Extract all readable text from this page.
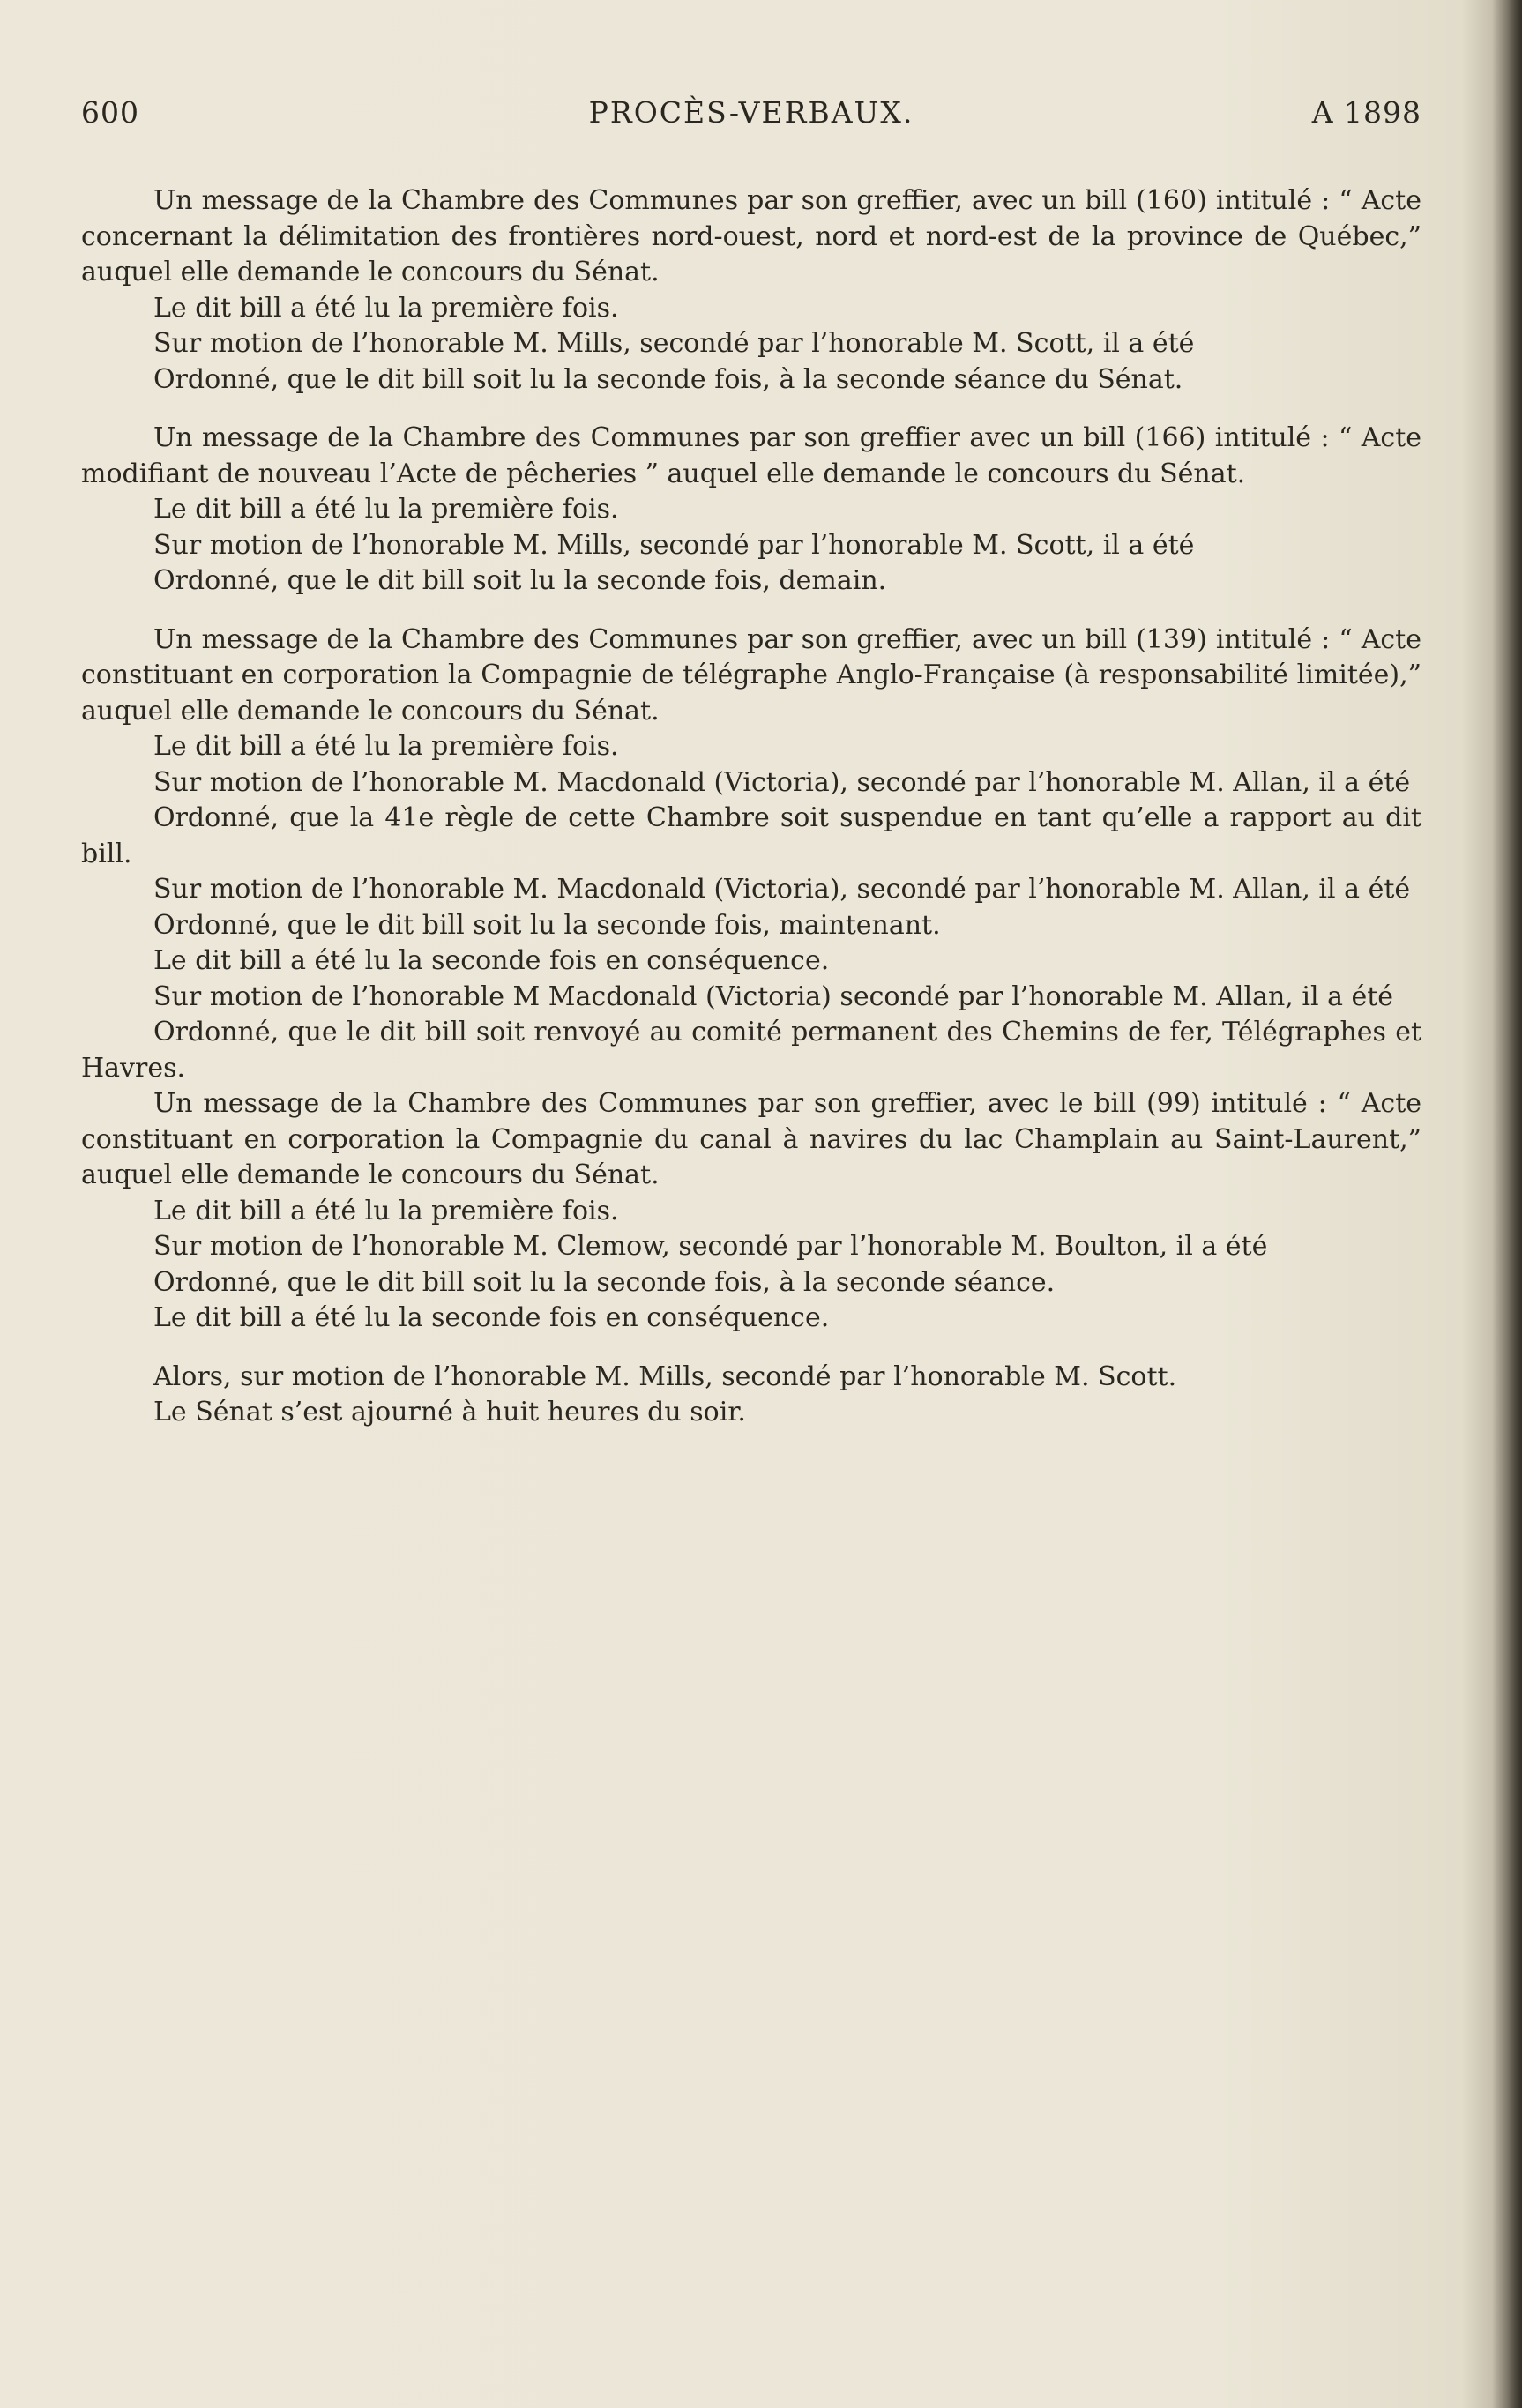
600	PROCÈS-VERBAUX.	A 1898

Un message de la Chambre des Communes par son greffier, avec un bill (160) intitulé : “ Acte concernant la délimitation des frontières nord-ouest, nord et nord-est de la province de Québec,” auquel elle demande le concours du Sénat.

Le dit bill a été lu la première fois.
Sur motion de l’honorable M. Mills, secondé par l’honorable M. Scott, il a été
Ordonné, que le dit bill soit lu la seconde fois, à la seconde séance du Sénat.

Un message de la Chambre des Communes par son greffier avec un bill (166) intitulé : “ Acte modifiant de nouveau l’Acte de pêcheries ” auquel elle demande le concours du Sénat.

Le dit bill a été lu la première fois.
Sur motion de l’honorable M. Mills, secondé par l’honorable M. Scott, il a été
Ordonné, que le dit bill soit lu la seconde fois, demain.

Un message de la Chambre des Communes par son greffier, avec un bill (139) intitulé : “ Acte constituant en corporation la Compagnie de télégraphe Anglo-Française (à responsabilité limitée),” auquel elle demande le concours du Sénat.

Le dit bill a été lu la première fois.

Sur motion de l’honorable M. Macdonald (Victoria), secondé par l’honorable M. Allan, il a été

Ordonné, que la 41e règle de cette Chambre soit suspendue en tant qu’elle a rapport au dit bill.

Sur motion de l’honorable M. Macdonald (Victoria), secondé par l’honorable M. Allan, il a été

Ordonné, que le dit bill soit lu la seconde fois, maintenant.
Le dit bill a été lu la seconde fois en conséquence.

Sur motion de l’honorable M Macdonald (Victoria) secondé par l’honorable M. Allan, il a été

Ordonné, que le dit bill soit renvoyé au comité permanent des Chemins de fer, Télégraphes et Havres.

Un message de la Chambre des Communes par son greffier, avec le bill (99) intitulé : “ Acte constituant en corporation la Compagnie du canal à navires du lac Champlain au Saint-Laurent,” auquel elle demande le concours du Sénat.

Le dit bill a été lu la première fois.

Sur motion de l’honorable M. Clemow, secondé par l’honorable M. Boulton, il a été

Ordonné, que le dit bill soit lu la seconde fois, à la seconde séance.
Le dit bill a été lu la seconde fois en conséquence.
Alors, sur motion de l’honorable M. Mills, secondé par l’honorable M. Scott.
Le Sénat s’est ajourné à huit heures du soir.
